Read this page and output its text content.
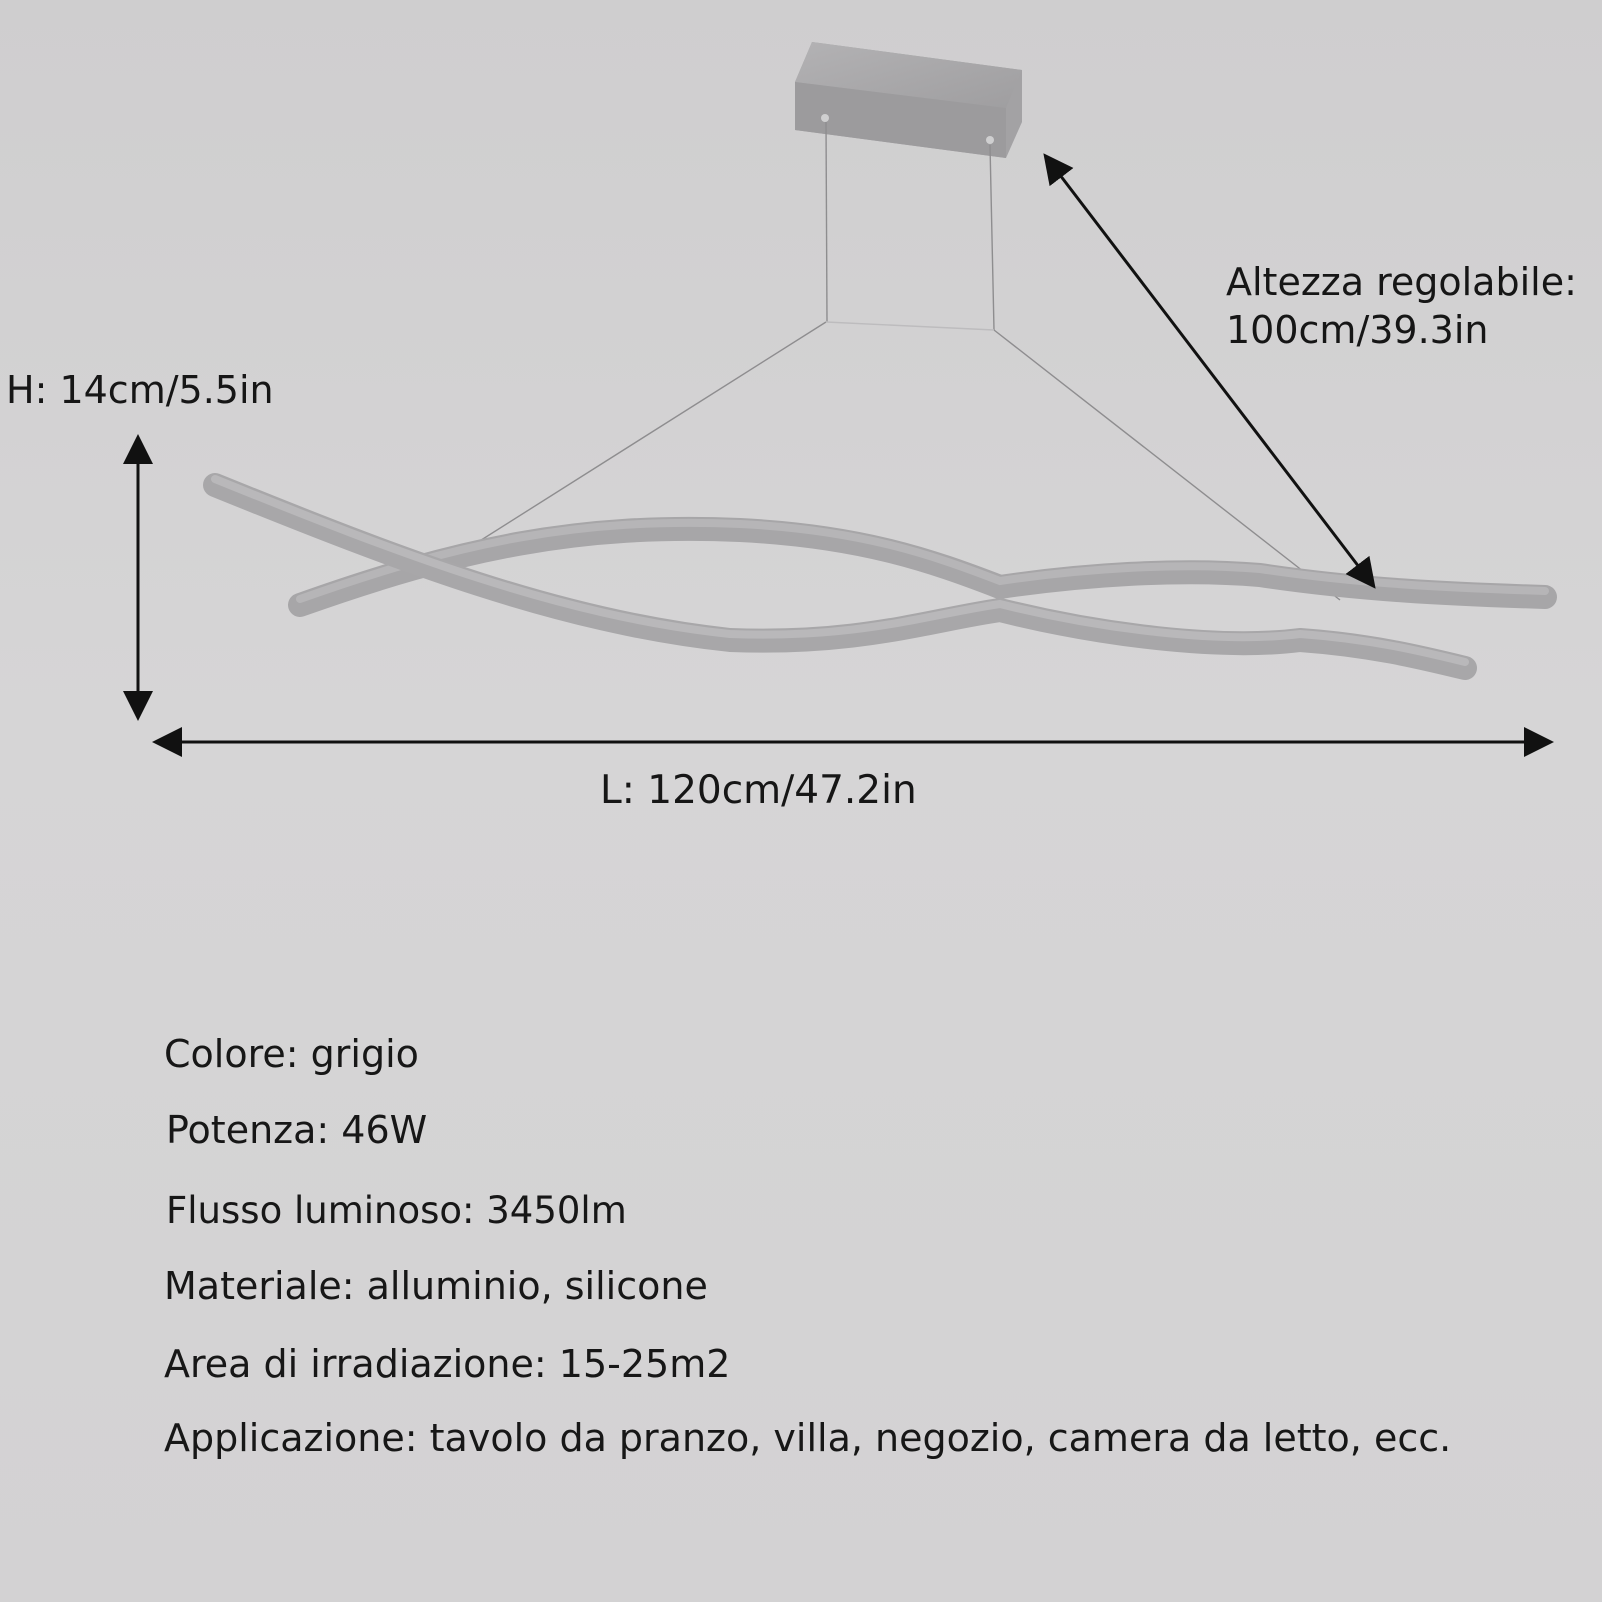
H: 14cm/5.5in
L: 120cm/47.2in
Altezza regolabile:
100cm/39.3in
Colore: grigio
Potenza: 46W
Flusso luminoso: 3450lm
Materiale: alluminio, silicone
Area di irradiazione: 15-25m2
Applicazione: tavolo da pranzo, villa, negozio, camera da letto, ecc.
